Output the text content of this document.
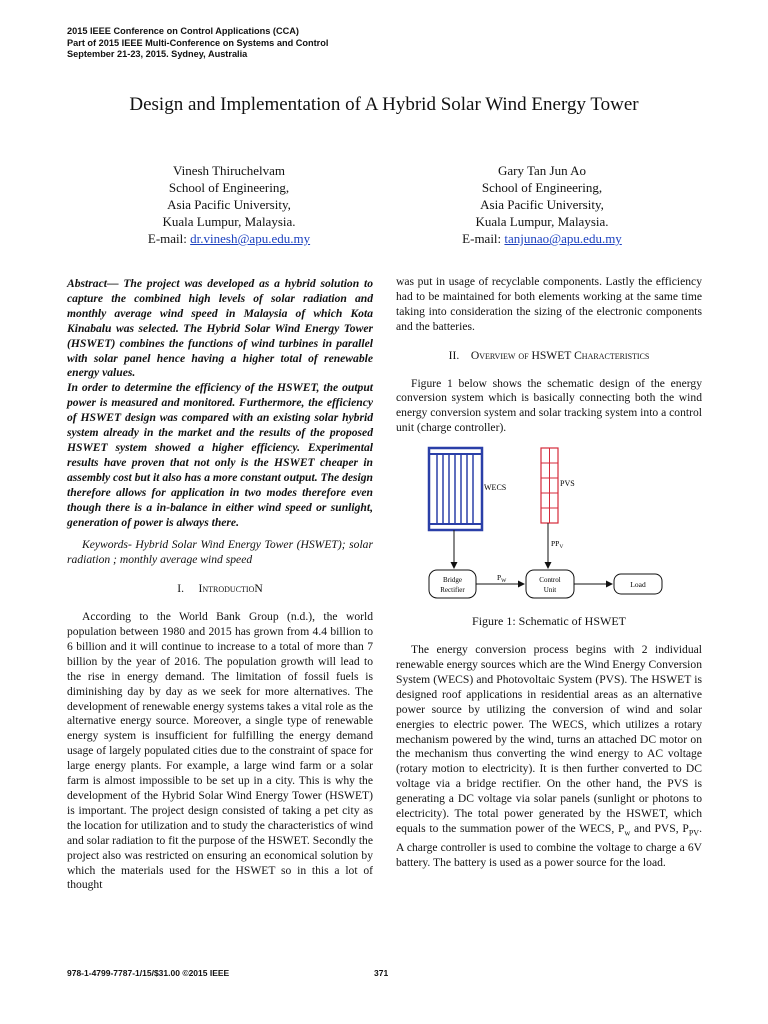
2015 IEEE Conference on Control Applications (CCA)
Part of 2015 IEEE Multi-Conference on Systems and Control
September 21-23, 2015. Sydney, Australia
Design and Implementation of A Hybrid Solar Wind Energy Tower
Vinesh Thiruchelvam
School of Engineering,
Asia Pacific University,
Kuala Lumpur, Malaysia.
E-mail: dr.vinesh@apu.edu.my
Gary Tan Jun Ao
School of Engineering,
Asia Pacific University,
Kuala Lumpur, Malaysia.
E-mail: tanjunao@apu.edu.my

Abstract— The project was developed as a hybrid solution to capture the combined high levels of solar radiation and monthly average wind speed in Malaysia of which Kota Kinabalu was selected. The Hybrid Solar Wind Energy Tower (HSWET) combines the functions of wind turbines in parallel with solar panel hence having a higher total of renewable energy values.

In order to determine the efficiency of the HSWET, the output power is measured and monitored. Furthermore, the efficiency of HSWET design was compared with an existing solar hybrid system already in the market and the results of the proposed HSWET system showed a higher efficiency. Experimental results have proven that not only is the HSWET cheaper in assembly cost but it also has a more constant output. The design therefore allows for application in two modes therefore even though there is a in-balance in either wind speed or sunlight, generation of power is always there.

Keywords- Hybrid Solar Wind Energy Tower (HSWET); solar radiation ; monthly average wind speed

I. IntroductioN

According to the World Bank Group (n.d.), the world population between 1980 and 2015 has grown from 4.4 billion to 6 billion and it will continue to increase to a total of more than 7 billion by the year of 2016. The population growth will lead to the rise in energy demand. The limitation of fossil fuels is diminishing day by day as we seek for more alternatives. The development of renewable energy systems takes a vital role as the alternative energy source. Moreover, a single type of renewable energy system is insufficient for fulfilling the energy demand usage of largely populated cities due to the constraint of space for large energy plants. For example, a large wind farm or a solar farm is almost impossible to be set up in a city. This is why the development of the Hybrid Solar Wind Energy Tower (HSWET) is important. The project design consisted of taking a pet city as the location for utilization and to study the characteristics of wind and solar radiation to fit the purpose of the HSWET. Secondly the project also was restricted on ensuring an economical solution by which the materials used for the HSWET so in this a lot of thought

was put in usage of recyclable components. Lastly the efficiency had to be maintained for both elements working at the same time taking into consideration the sizing of the electronic components and the batteries.

II. Overview of HSWET Characteristics

Figure 1 below shows the schematic design of the energy conversion system which is basically connecting both the wind energy conversion system and solar tracking system into a control unit (charge controller).

WECS	PVS
$PP_V$
Bridge
Rectifier
$P_W$	Control
Unit
Load

Figure 1: Schematic of HSWET

The energy conversion process begins with 2 individual renewable energy sources which are the Wind Energy Conversion System (WECS) and Photovoltaic System (PVS). The HSWET is designed roof applications in residential areas as an alternative power source by utilizing the conversion of wind and solar energies to electric power. The WECS, which utilizes a rotary mechanism powered by the wind, turns an attached DC motor on the mechanism thus converting the wind energy to AC voltage (rotary motion to electricity). It is then further converted to DC voltage via a bridge rectifier. On the other hand, the PVS is generating a DC voltage via solar panels (sunlight or photons to electricity). The total power generated by the HSWET, which equals to the summation power of the WECS, $P_w$ and PVS, $P_{PV}$. A charge controller is used to combine the voltage to charge a 6V battery. The battery is used as a power source for the load.

978-1-4799-7787-1/15/$31.00 ©2015 IEEE	371
